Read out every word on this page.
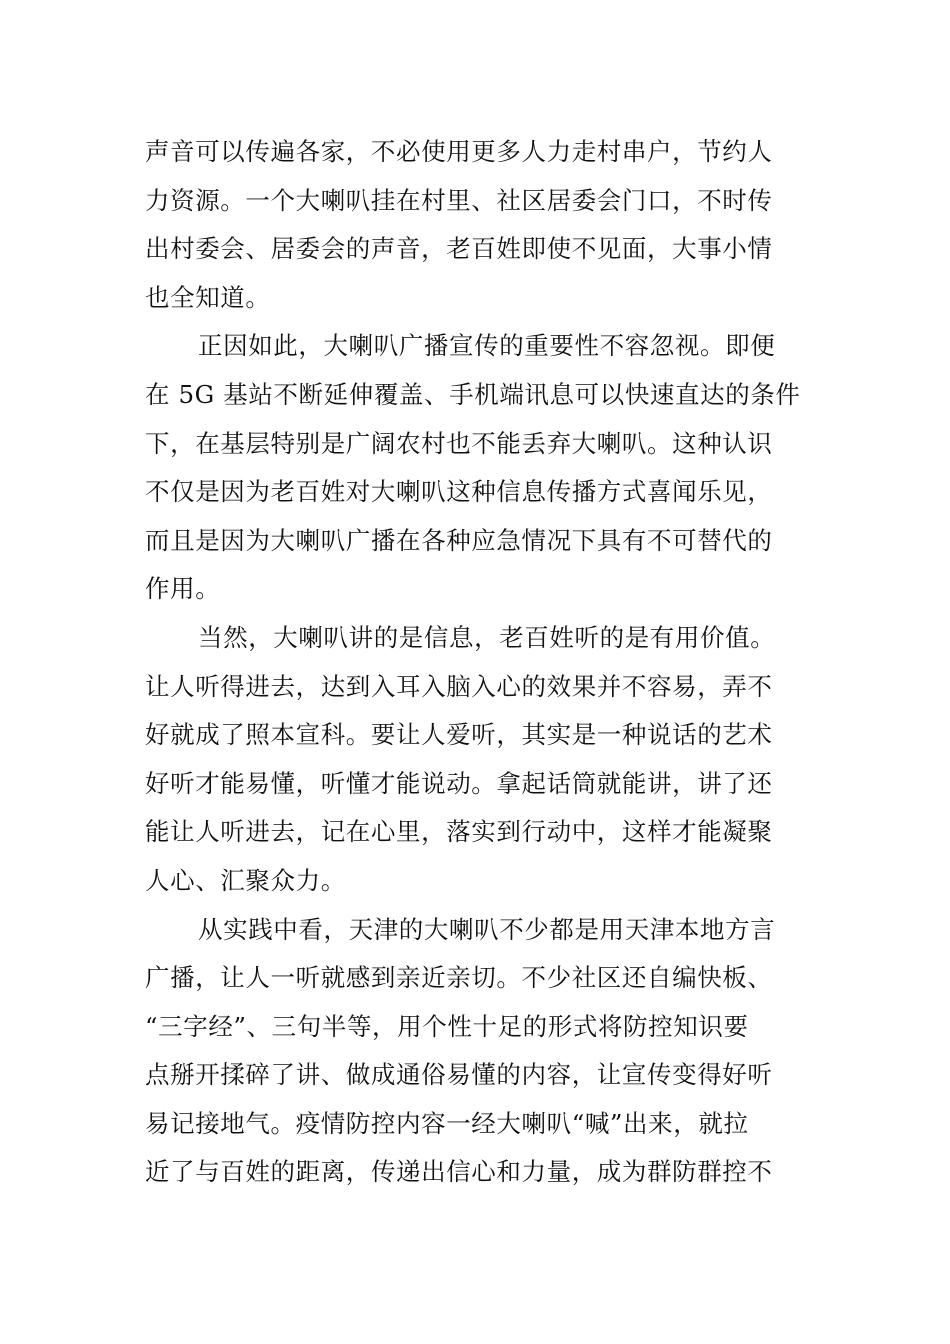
声音可以传遍各家，不必使用更多人力走村串户，节约人
力资源。一个大喇叭挂在村里、社区居委会门口，不时传
出村委会、居委会的声音，老百姓即使不见面，大事小情
也全知道。
正因如此，大喇叭广播宣传的重要性不容忽视。即便
在 5G 基站不断延伸覆盖、手机端讯息可以快速直达的条件
下，在基层特别是广阔农村也不能丢弃大喇叭。这种认识
不仅是因为老百姓对大喇叭这种信息传播方式喜闻乐见，
而且是因为大喇叭广播在各种应急情况下具有不可替代的
作用。
当然，大喇叭讲的是信息，老百姓听的是有用价值。
让人听得进去，达到入耳入脑入心的效果并不容易，弄不
好就成了照本宣科。要让人爱听，其实是一种说话的艺术
好听才能易懂，听懂才能说动。拿起话筒就能讲，讲了还
能让人听进去，记在心里，落实到行动中，这样才能凝聚
人心、汇聚众力。
从实践中看，天津的大喇叭不少都是用天津本地方言
广播，让人一听就感到亲近亲切。不少社区还自编快板、
“三字经”、三句半等，用个性十足的形式将防控知识要
点掰开揉碎了讲、做成通俗易懂的内容，让宣传变得好听
易记接地气。疫情防控内容一经大喇叭“喊”出来，就拉
近了与百姓的距离，传递出信心和力量，成为群防群控不
